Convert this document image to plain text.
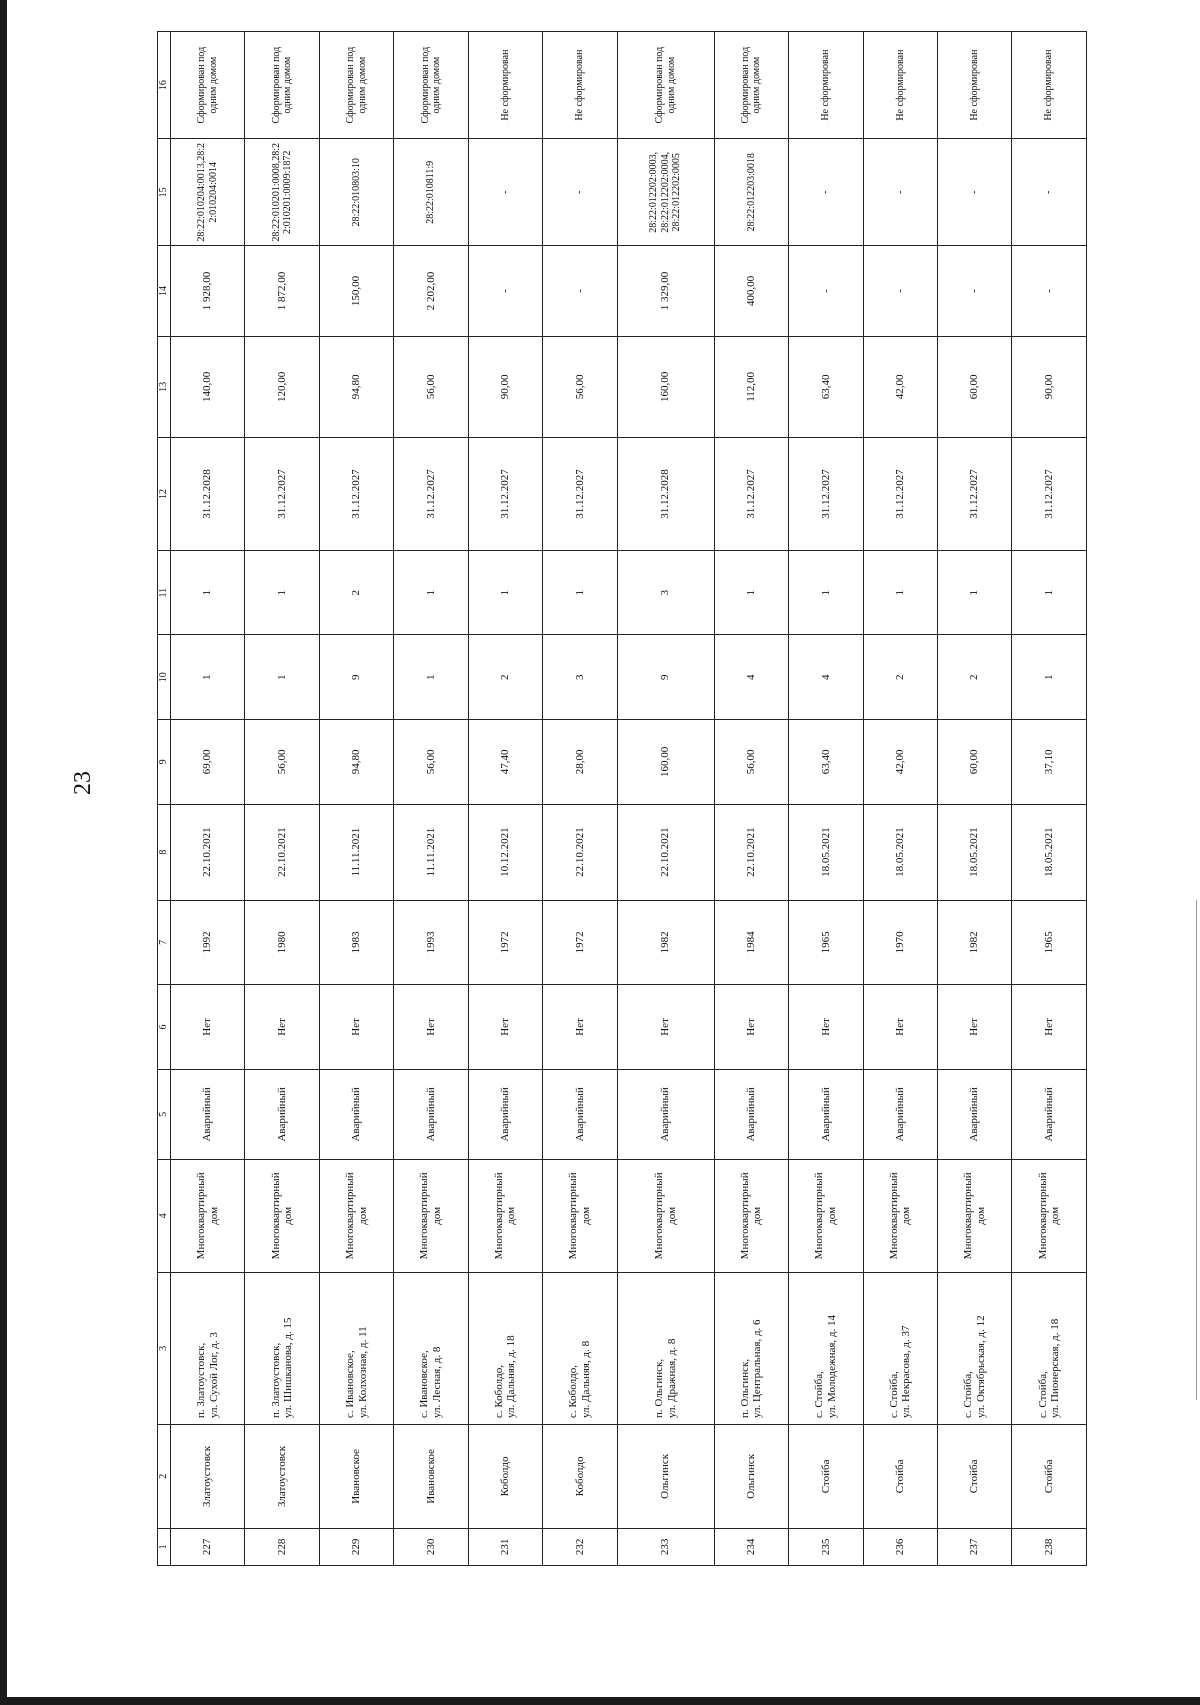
23
1	2	3	4	5	6	7	8	9	10	11	12	13	14	15	16
227	Златоустовск	п. Златоустовск, ул. Сухой Лог, д. 3	Многоквартирный дом	Аварийный	Нет	1992	22.10.2021	69,00	1	1	31.12.2028	140,00	1 928,00	28:22:010204:0013,28:22:010204:0014	Сформирован под одним домом
228	Златоустовск	п. Златоустовск, ул. Шишканова, д. 15	Многоквартирный дом	Аварийный	Нет	1980	22.10.2021	56,00	1	1	31.12.2027	120,00	1 872,00	28:22:010201:0008,28:22:010201:0009:1872	Сформирован под одним домом
229	Ивановское	с. Ивановское, ул. Колхозная, д. 11	Многоквартирный дом	Аварийный	Нет	1983	11.11.2021	94,80	9	2	31.12.2027	94,80	150,00	28:22:010803:10	Сформирован под одним домом
230	Ивановское	с. Ивановское, ул. Лесная, д. 8	Многоквартирный дом	Аварийный	Нет	1993	11.11.2021	56,00	1	1	31.12.2027	56,00	2 202,00	28:22:010811:9	Сформирован под одним домом
231	Коболдо	с. Коболдо, ул. Дальняя, д. 18	Многоквартирный дом	Аварийный	Нет	1972	10.12.2021	47,40	2	1	31.12.2027	90,00	-	-	Не сформирован
232	Коболдо	с. Коболдо, ул. Дальняя, д. 8	Многоквартирный дом	Аварийный	Нет	1972	22.10.2021	28,00	3	1	31.12.2027	56,00	-	-	Не сформирован
233	Ольгинск	п. Ольгинск, ул. Дражная, д. 8	Многоквартирный дом	Аварийный	Нет	1982	22.10.2021	160,00	9	3	31.12.2028	160,00	1 329,00	28:22:012202:0003, 28:22:012202:0004, 28:22:012202:0005	Сформирован под одним домом
234	Ольгинск	п. Ольгинск, ул. Центральная, д. 6	Многоквартирный дом	Аварийный	Нет	1984	22.10.2021	56,00	4	1	31.12.2027	112,00	400,00	28:22:012203:0018	Сформирован под одним домом
235	Стойба	с. Стойба, ул. Молодежная, д. 14	Многоквартирный дом	Аварийный	Нет	1965	18.05.2021	63,40	4	1	31.12.2027	63,40	-	-	Не сформирован
236	Стойба	с. Стойба, ул. Некрасова, д. 37	Многоквартирный дом	Аварийный	Нет	1970	18.05.2021	42,00	2	1	31.12.2027	42,00	-	-	Не сформирован
237	Стойба	с. Стойба, ул. Октябрьская, д. 12	Многоквартирный дом	Аварийный	Нет	1982	18.05.2021	60,00	2	1	31.12.2027	60,00	-	-	Не сформирован
238	Стойба	с. Стойба, ул. Пионерская, д. 18	Многоквартирный дом	Аварийный	Нет	1965	18.05.2021	37,10	1	1	31.12.2027	90,00	-	-	Не сформирован
